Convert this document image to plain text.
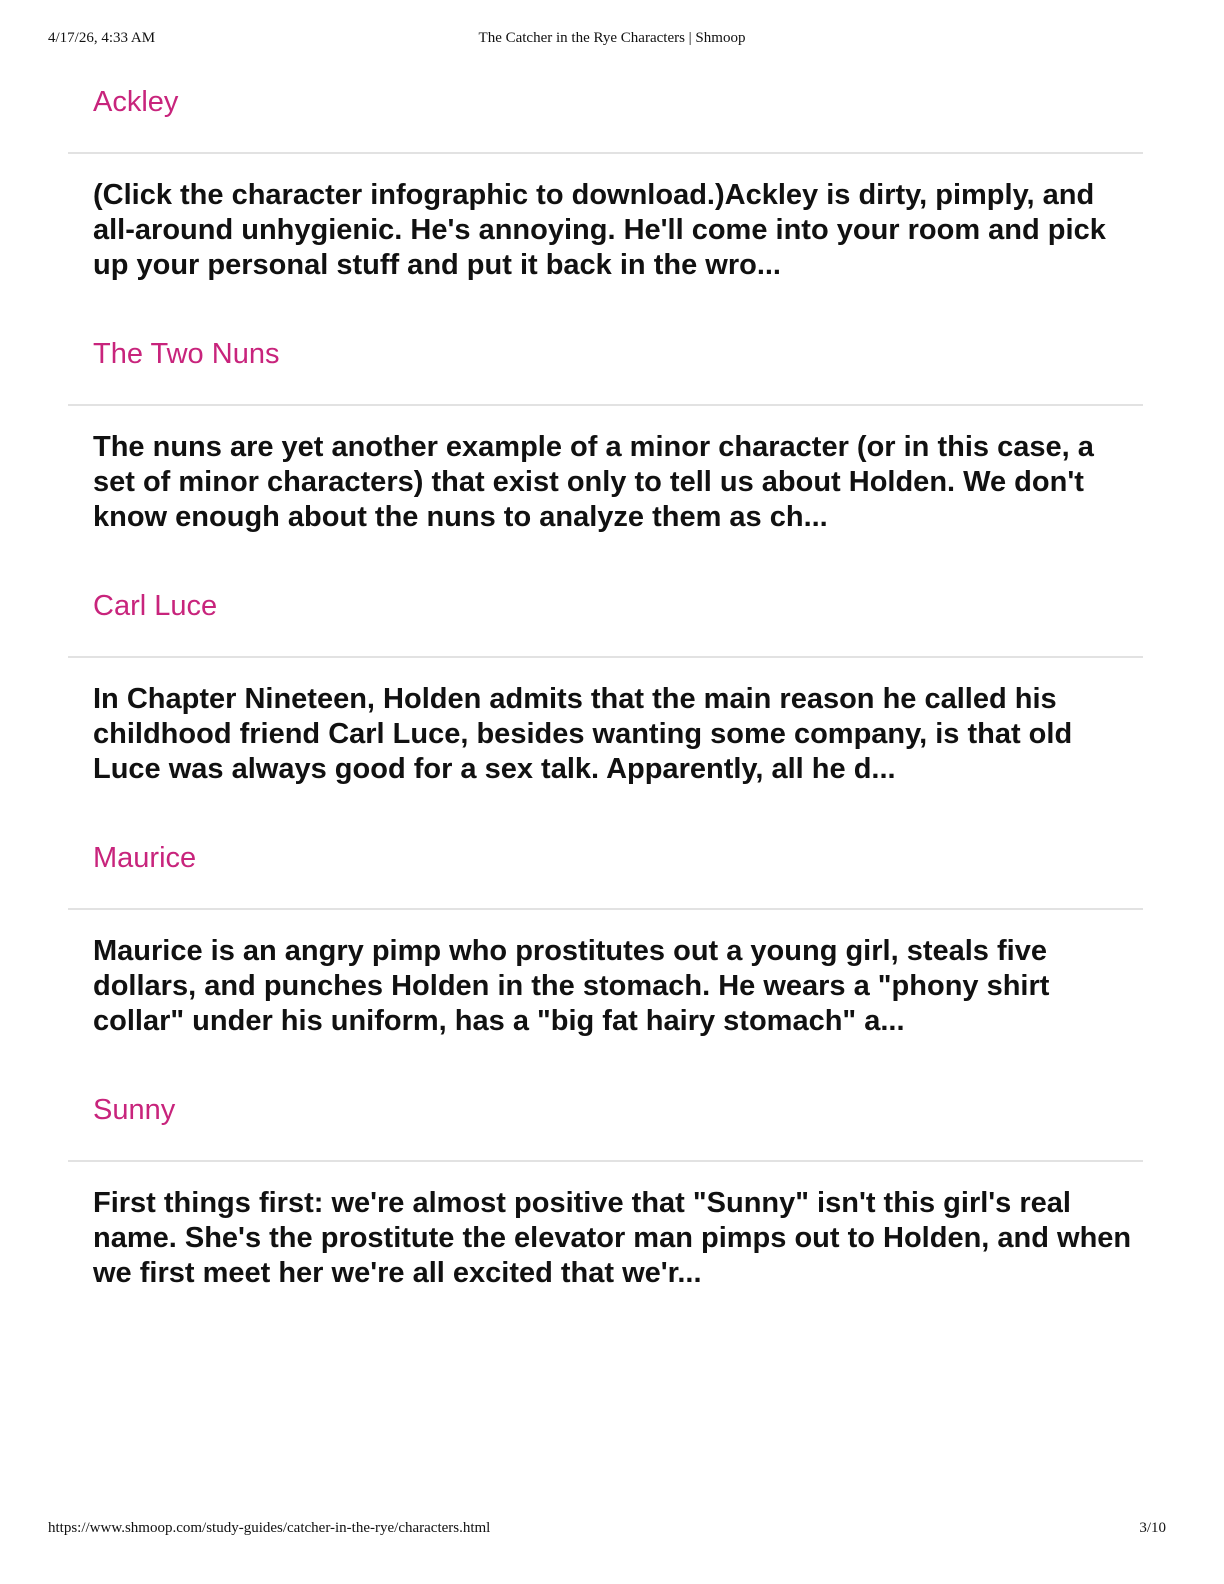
4/17/26, 4:33 AM	The Catcher in the Rye Characters | Shmoop
Ackley

(Click the character infographic to download.)Ackley is dirty, pimply, and all-around unhygienic. He's annoying. He'll come into your room and pick up your personal stuff and put it back in the wro...

The Two Nuns

The nuns are yet another example of a minor character (or in this case, a set of minor characters) that exist only to tell us about Holden. We don't know enough about the nuns to analyze them as ch...

Carl Luce

In Chapter Nineteen, Holden admits that the main reason he called his childhood friend Carl Luce, besides wanting some company, is that old Luce was always good for a sex talk. Apparently, all he d...

Maurice

Maurice is an angry pimp who prostitutes out a young girl, steals five dollars, and punches Holden in the stomach. He wears a "phony shirt collar" under his uniform, has a "big fat hairy stomach" a...

Sunny

First things first: we're almost positive that "Sunny" isn't this girl's real name. She's the prostitute the elevator man pimps out to Holden, and when we first meet her we're all excited that we'r...

https://www.shmoop.com/study-guides/catcher-in-the-rye/characters.html	3/10
